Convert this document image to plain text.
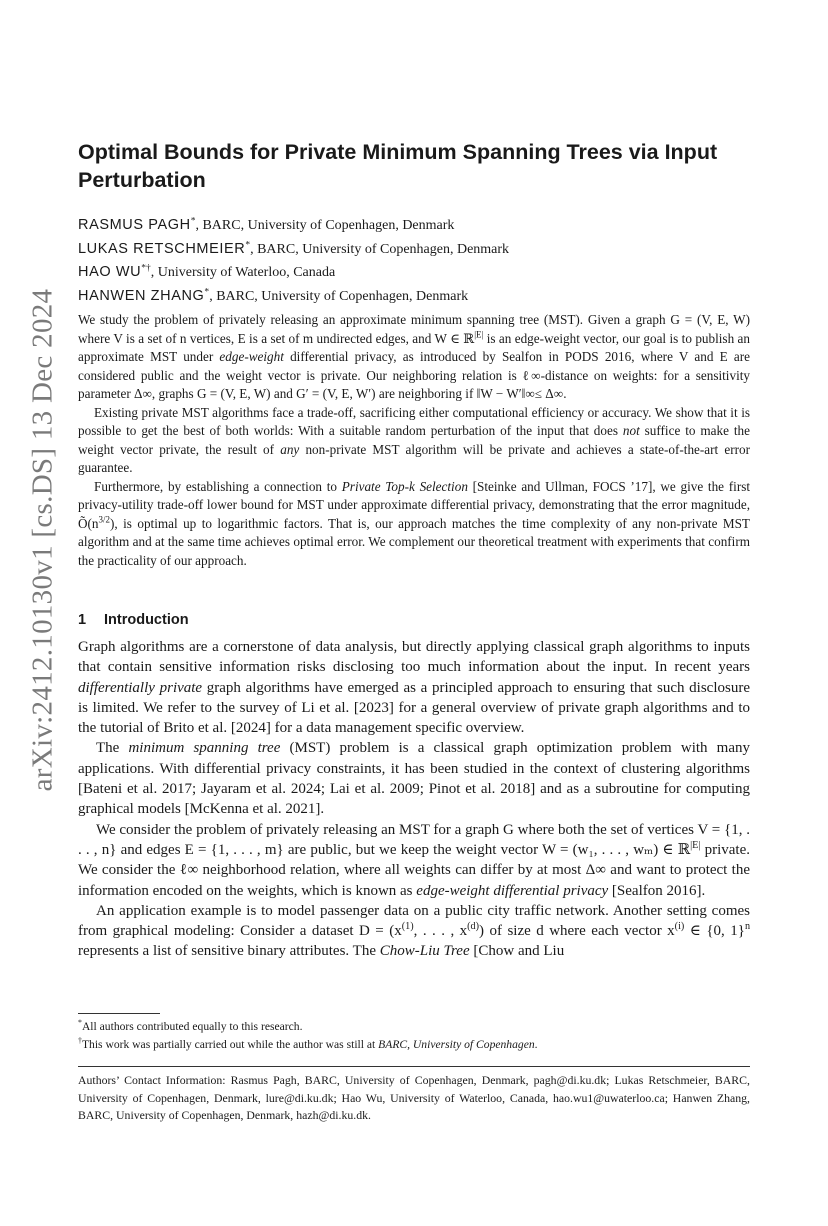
arXiv:2412.10130v1 [cs.DS] 13 Dec 2024
Optimal Bounds for Private Minimum Spanning Trees via Input Perturbation
RASMUS PAGH*, BARC, University of Copenhagen, Denmark
LUKAS RETSCHMEIER*, BARC, University of Copenhagen, Denmark
HAO WU*†, University of Waterloo, Canada
HANWEN ZHANG*, BARC, University of Copenhagen, Denmark

We study the problem of privately releasing an approximate minimum spanning tree (MST). Given a graph G = (V, E, W) where V is a set of n vertices, E is a set of m undirected edges, and W ∈ ℝ$^{|E|}$ is an edge-weight vector, our goal is to publish an approximate MST under edge-weight differential privacy, as introduced by Sealfon in PODS 2016, where V and E are considered public and the weight vector is private. Our neighboring relation is ℓ∞-distance on weights: for a sensitivity parameter Δ∞, graphs G = (V, E, W) and G′ = (V, E, W′) are neighboring if ‖W − W′‖∞≤ Δ∞.

Existing private MST algorithms face a trade-off, sacrificing either computational efficiency or accuracy. We show that it is possible to get the best of both worlds: With a suitable random perturbation of the input that does not suffice to make the weight vector private, the result of any non-private MST algorithm will be private and achieves a state-of-the-art error guarantee.

Furthermore, by establishing a connection to Private Top-k Selection [Steinke and Ullman, FOCS ’17], we give the first privacy-utility trade-off lower bound for MST under approximate differential privacy, demonstrating that the error magnitude, $Õ(n^{3/2})$, is optimal up to logarithmic factors. That is, our approach matches the time complexity of any non-private MST algorithm and at the same time achieves optimal error. We complement our theoretical treatment with experiments that confirm the practicality of our approach.

1 Introduction

Graph algorithms are a cornerstone of data analysis, but directly applying classical graph algorithms to inputs that contain sensitive information risks disclosing too much information about the input. In recent years differentially private graph algorithms have emerged as a principled approach to ensuring that such disclosure is limited. We refer to the survey of Li et al. [2023] for a general overview of private graph algorithms and to the tutorial of Brito et al. [2024] for a data management specific overview.

The minimum spanning tree (MST) problem is a classical graph optimization problem with many applications. With differential privacy constraints, it has been studied in the context of clustering algorithms [Bateni et al. 2017; Jayaram et al. 2024; Lai et al. 2009; Pinot et al. 2018] and as a subroutine for computing graphical models [McKenna et al. 2021].

We consider the problem of privately releasing an MST for a graph G where both the set of vertices V = {1, . . . , n} and edges E = {1, . . . , m} are public, but we keep the weight vector W = (w₁, . . . , wₘ) ∈ ℝ$^{|E|}$ private. We consider the ℓ∞ neighborhood relation, where all weights can differ by at most Δ∞ and want to protect the information encoded on the weights, which is known as edge-weight differential privacy [Sealfon 2016].

An application example is to model passenger data on a public city traffic network. Another setting comes from graphical modeling: Consider a dataset $D = (x^{(1)}$, . . . , $x^{(d)}$) of size d where each vector $x^{(i)}$ ∈ {0, 1}$^n$ represents a list of sensitive binary attributes. The Chow-Liu Tree [Chow and Liu

*All authors contributed equally to this research.
†This work was partially carried out while the author was still at BARC, University of Copenhagen.
Authors’ Contact Information: Rasmus Pagh, BARC, University of Copenhagen, Denmark, pagh@di.ku.dk; Lukas Retschmeier, BARC, University of Copenhagen, Denmark, lure@di.ku.dk; Hao Wu, University of Waterloo, Canada, hao.wu1@uwaterloo.ca; Hanwen Zhang, BARC, University of Copenhagen, Denmark, hazh@di.ku.dk.
